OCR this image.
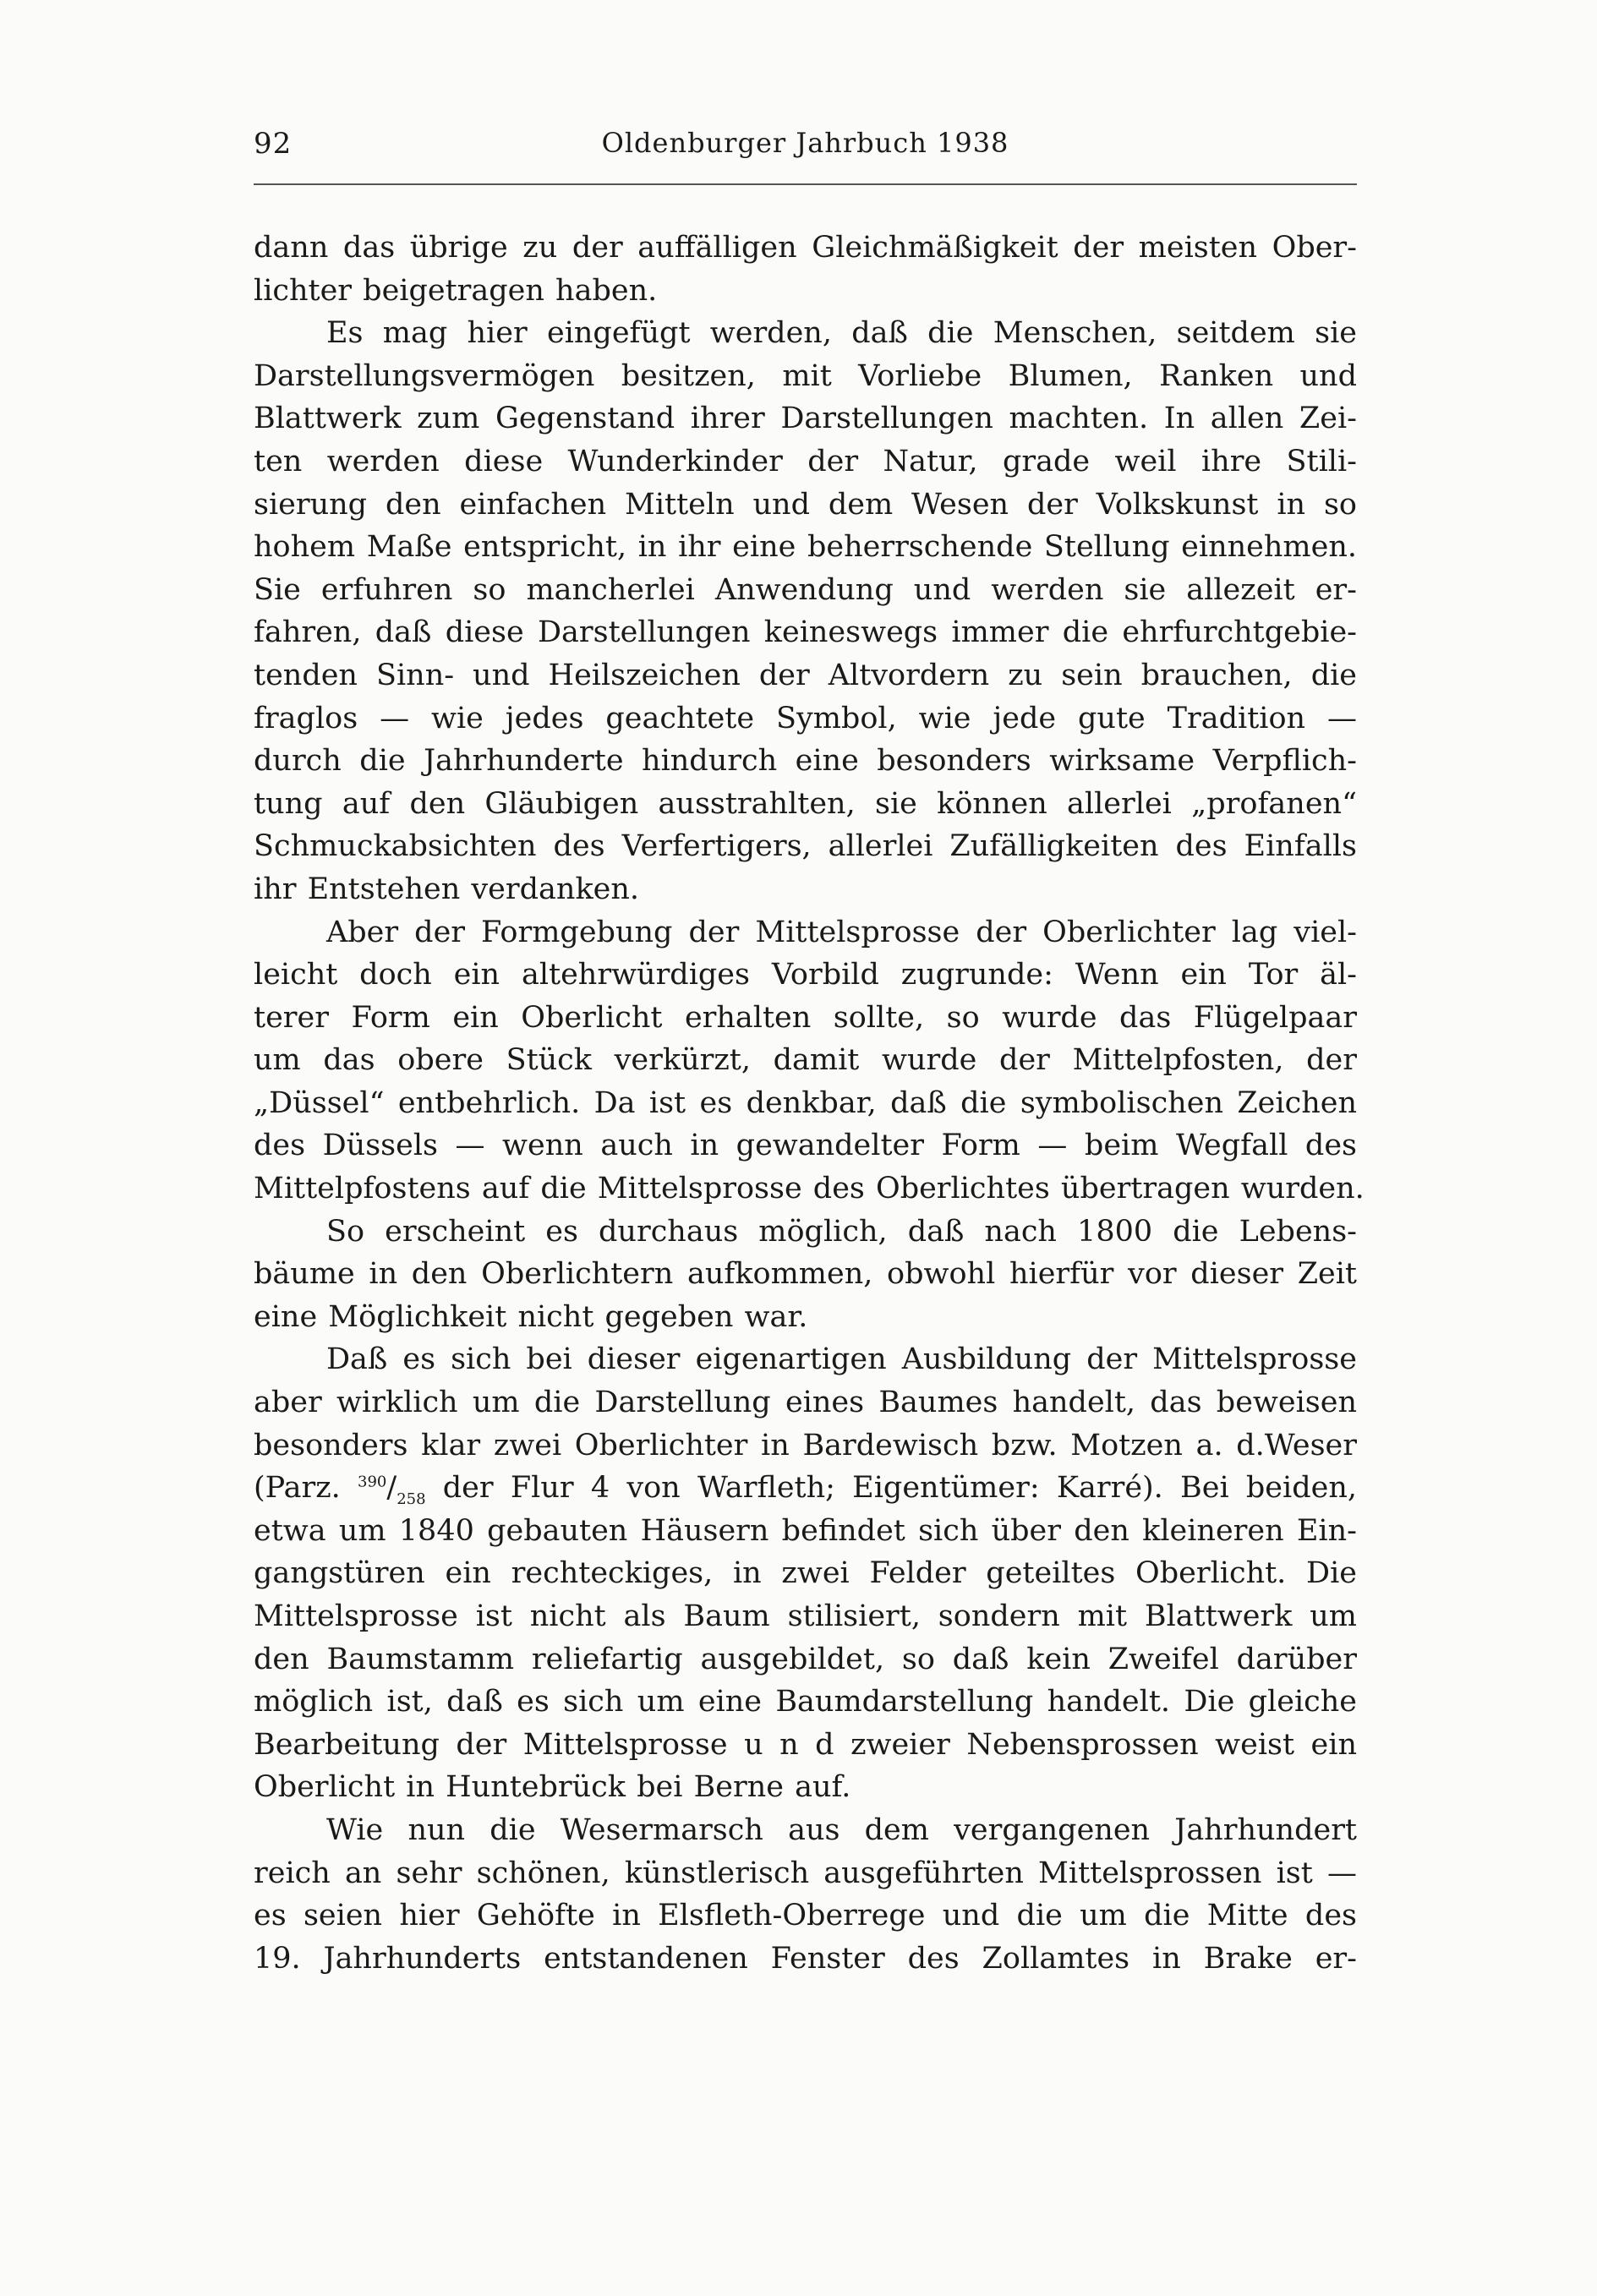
92	Oldenburger Jahrbuch 1938
dann das übrige zu der auffälligen Gleichmäßigkeit der meisten Ober-
lichter beigetragen haben.
Es mag hier eingefügt werden, daß die Menschen, seitdem sie
Darstellungsvermögen besitzen, mit Vorliebe Blumen, Ranken und
Blattwerk zum Gegenstand ihrer Darstellungen machten. In allen Zei-
ten werden diese Wunderkinder der Natur, grade weil ihre Stili-
sierung den einfachen Mitteln und dem Wesen der Volkskunst in so
hohem Maße entspricht, in ihr eine beherrschende Stellung einnehmen.
Sie erfuhren so mancherlei Anwendung und werden sie allezeit er-
fahren, daß diese Darstellungen keineswegs immer die ehrfurchtgebie-
tenden Sinn- und Heilszeichen der Altvordern zu sein brauchen, die
fraglos — wie jedes geachtete Symbol, wie jede gute Tradition —
durch die Jahrhunderte hindurch eine besonders wirksame Verpflich-
tung auf den Gläubigen ausstrahlten, sie können allerlei „profanen“
Schmuckabsichten des Verfertigers, allerlei Zufälligkeiten des Einfalls
ihr Entstehen verdanken.
Aber der Formgebung der Mittelsprosse der Oberlichter lag viel-
leicht doch ein altehrwürdiges Vorbild zugrunde: Wenn ein Tor äl-
terer Form ein Oberlicht erhalten sollte, so wurde das Flügelpaar
um das obere Stück verkürzt, damit wurde der Mittelpfosten, der
„Düssel“ entbehrlich. Da ist es denkbar, daß die symbolischen Zeichen
des Düssels — wenn auch in gewandelter Form — beim Wegfall des
Mittelpfostens auf die Mittelsprosse des Oberlichtes übertragen wurden.
So erscheint es durchaus möglich, daß nach 1800 die Lebens-
bäume in den Oberlichtern aufkommen, obwohl hierfür vor dieser Zeit
eine Möglichkeit nicht gegeben war.
Daß es sich bei dieser eigenartigen Ausbildung der Mittelsprosse
aber wirklich um die Darstellung eines Baumes handelt, das beweisen
besonders klar zwei Oberlichter in Bardewisch bzw. Motzen a. d.Weser
(Parz. $^{390}/_{258}$ der Flur 4 von Warfleth; Eigentümer: Karré). Bei beiden,
etwa um 1840 gebauten Häusern befindet sich über den kleineren Ein-
gangstüren ein rechteckiges, in zwei Felder geteiltes Oberlicht. Die
Mittelsprosse ist nicht als Baum stilisiert, sondern mit Blattwerk um
den Baumstamm reliefartig ausgebildet, so daß kein Zweifel darüber
möglich ist, daß es sich um eine Baumdarstellung handelt. Die gleiche
Bearbeitung der Mittelsprosse u n d zweier Nebensprossen weist ein
Oberlicht in Huntebrück bei Berne auf.
Wie nun die Wesermarsch aus dem vergangenen Jahrhundert
reich an sehr schönen, künstlerisch ausgeführten Mittelsprossen ist —
es seien hier Gehöfte in Elsfleth-Oberrege und die um die Mitte des
19. Jahrhunderts entstandenen Fenster des Zollamtes in Brake er-
